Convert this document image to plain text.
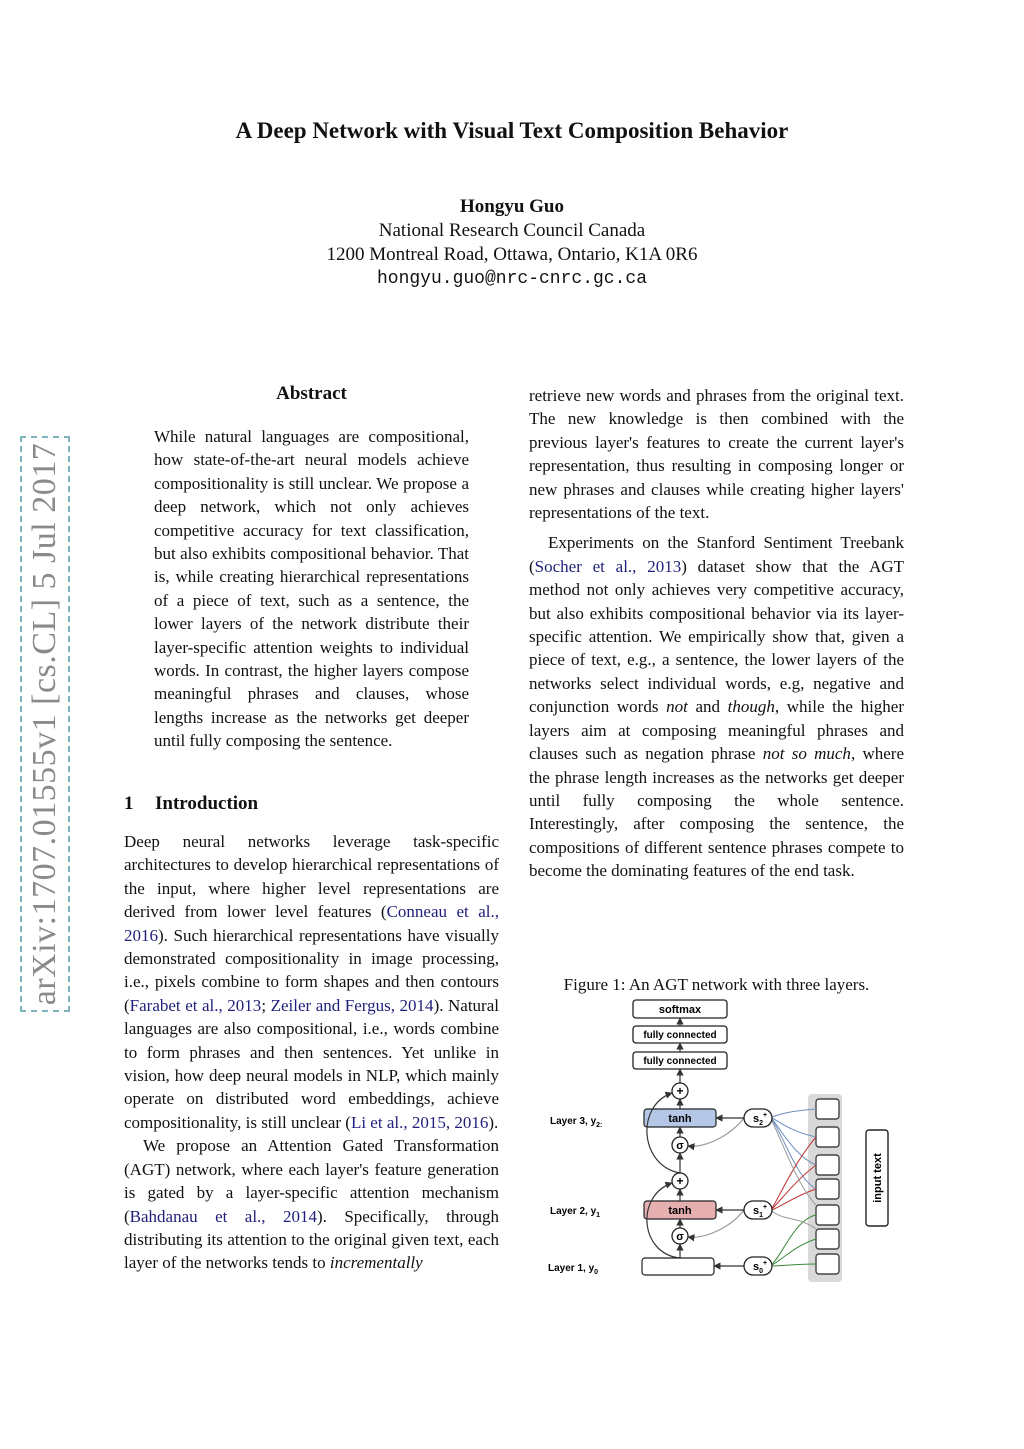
arXiv:1707.01555v1 [cs.CL] 5 Jul 2017
A Deep Network with Visual Text Composition Behavior
Hongyu Guo
National Research Council Canada
1200 Montreal Road, Ottawa, Ontario, K1A 0R6
hongyu.guo@nrc-cnrc.gc.ca
Abstract
While natural languages are compositional, how state-of-the-art neural models achieve compositionality is still unclear. We propose a deep network, which not only achieves competitive accuracy for text classification, but also exhibits compositional behavior. That is, while creating hierarchical representations of a piece of text, such as a sentence, the lower layers of the network distribute their layer-specific attention weights to individual words. In contrast, the higher layers compose meaningful phrases and clauses, whose lengths increase as the networks get deeper until fully composing the sentence.
1 Introduction

Deep neural networks leverage task-specific architectures to develop hierarchical representations of the input, where higher level representations are derived from lower level features (Conneau et al., 2016). Such hierarchical representations have visually demonstrated compositionality in image processing, i.e., pixels combine to form shapes and then contours (Farabet et al., 2013; Zeiler and Fergus, 2014). Natural languages are also compositional, i.e., words combine to form phrases and then sentences. Yet unlike in vision, how deep neural models in NLP, which mainly operate on distributed word embeddings, achieve compositionality, is still unclear (Li et al., 2015, 2016).

We propose an Attention Gated Transformation (AGT) network, where each layer's feature generation is gated by a layer-specific attention mechanism (Bahdanau et al., 2014). Specifically, through distributing its attention to the original given text, each layer of the networks tends to incrementally

retrieve new words and phrases from the original text. The new knowledge is then combined with the previous layer's features to create the current layer's representation, thus resulting in composing longer or new phrases and clauses while creating higher layers' representations of the text.

Experiments on the Stanford Sentiment Treebank (Socher et al., 2013) dataset show that the AGT method not only achieves very competitive accuracy, but also exhibits compositional behavior via its layer-specific attention. We empirically show that, given a piece of text, e.g., a sentence, the lower layers of the networks select individual words, e.g, negative and conjunction words not and though, while the higher layers aim at composing meaningful phrases and clauses such as negation phrase not so much, where the phrase length increases as the networks get deeper until fully composing the whole sentence. Interestingly, after composing the sentence, the compositions of different sentence phrases compete to become the dominating features of the end task.

Figure 1: An AGT network with three layers.
input text
softmax
fully connected
fully connected
+
tanh
σ
$s_2^+$
+
tanh
σ
$s_1^+$
$s_0^+$
Layer 3, $y_{2:}$
Layer 2, $y_1$
Layer 1, $y_0$
